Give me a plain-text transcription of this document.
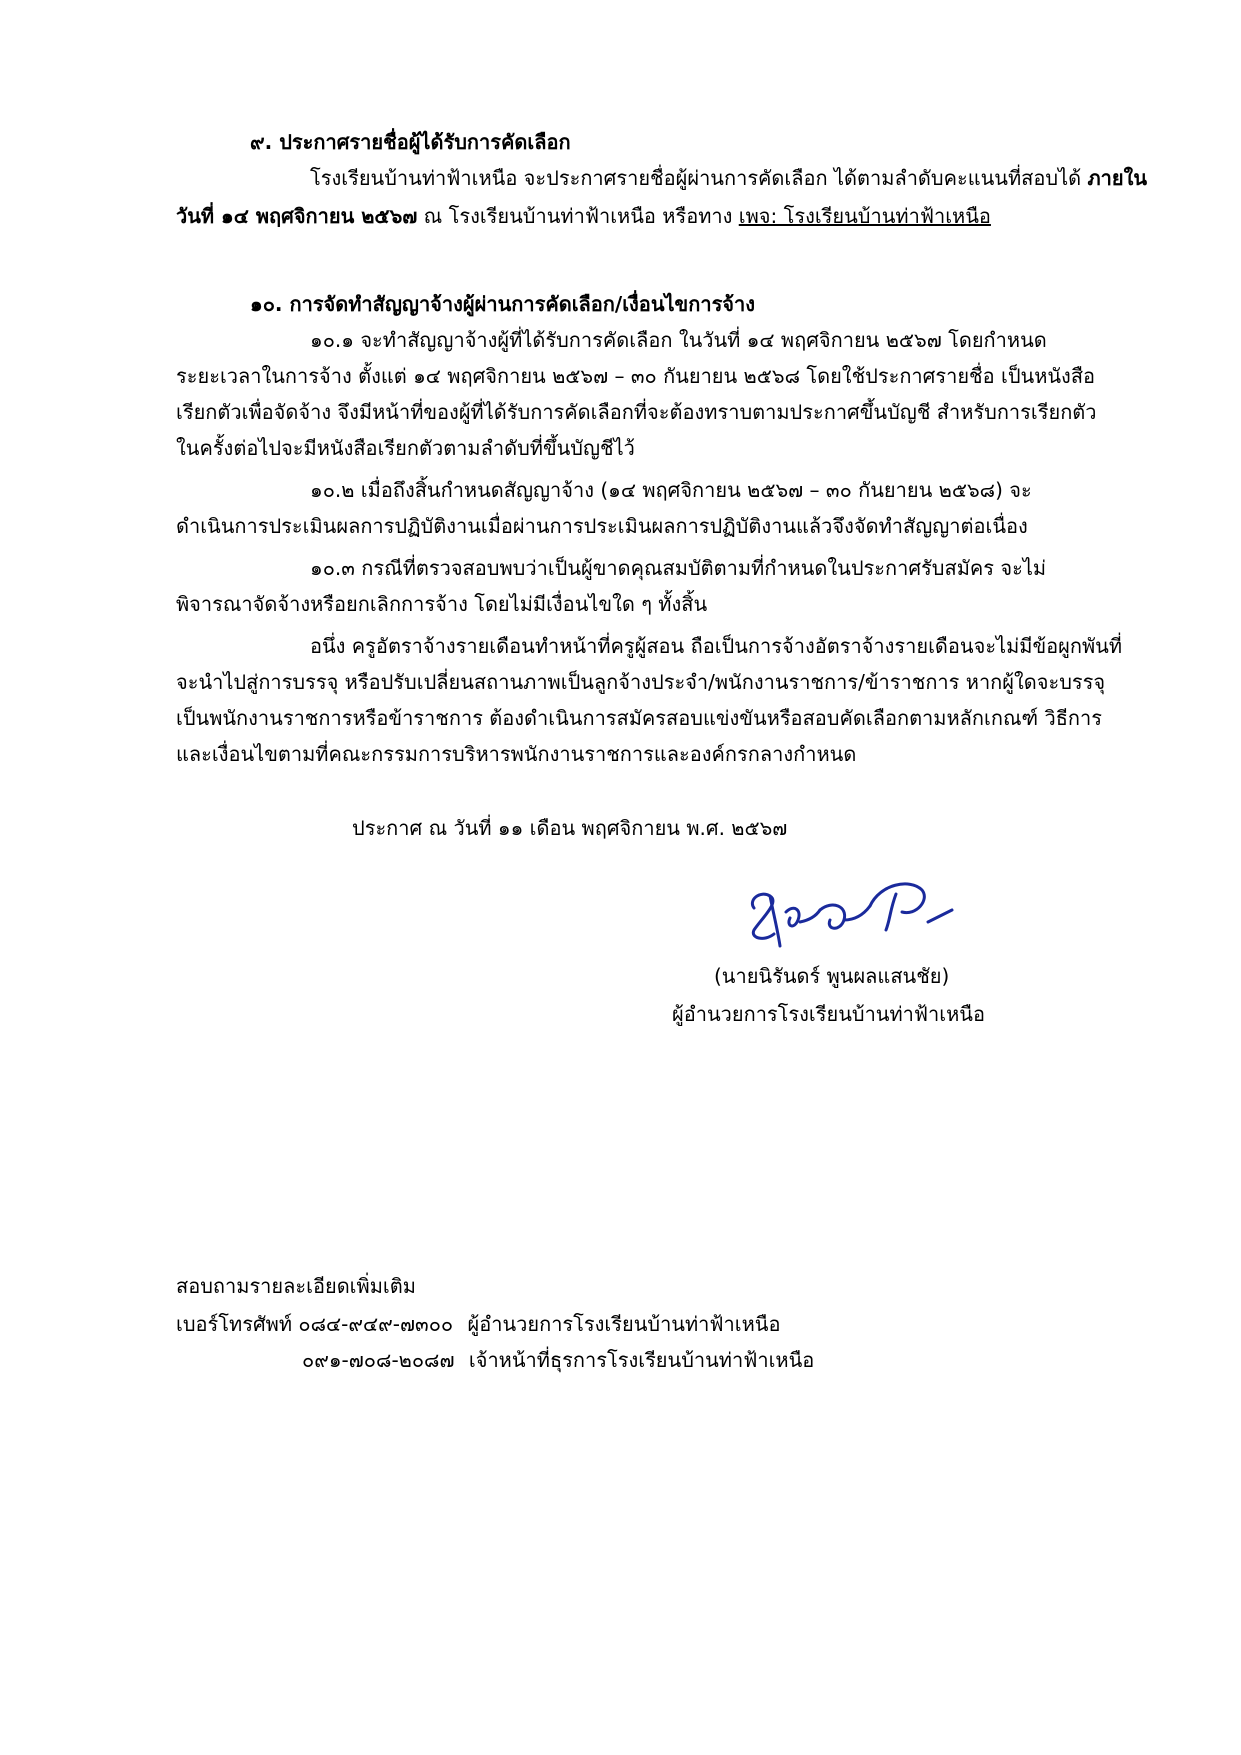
๙. ประกาศรายชื่อผู้ได้รับการคัดเลือก
โรงเรียนบ้านท่าฟ้าเหนือ จะประกาศรายชื่อผู้ผ่านการคัดเลือก ได้ตามลำดับคะแนนที่สอบได้ ภายใน
วันที่ ๑๔ พฤศจิกายน ๒๕๖๗ ณ โรงเรียนบ้านท่าฟ้าเหนือ หรือทาง เพจ: โรงเรียนบ้านท่าฟ้าเหนือ
๑๐. การจัดทำสัญญาจ้างผู้ผ่านการคัดเลือก/เงื่อนไขการจ้าง
๑๐.๑ จะทำสัญญาจ้างผู้ที่ได้รับการคัดเลือก ในวันที่ ๑๔ พฤศจิกายน ๒๕๖๗ โดยกำหนด
ระยะเวลาในการจ้าง ตั้งแต่ ๑๔ พฤศจิกายน ๒๕๖๗ – ๓๐ กันยายน ๒๕๖๘ โดยใช้ประกาศรายชื่อ เป็นหนังสือ
เรียกตัวเพื่อจัดจ้าง จึงมีหน้าที่ของผู้ที่ได้รับการคัดเลือกที่จะต้องทราบตามประกาศขึ้นบัญชี สำหรับการเรียกตัว
ในครั้งต่อไปจะมีหนังสือเรียกตัวตามลำดับที่ขึ้นบัญชีไว้
๑๐.๒ เมื่อถึงสิ้นกำหนดสัญญาจ้าง (๑๔ พฤศจิกายน ๒๕๖๗ – ๓๐ กันยายน ๒๕๖๘) จะ
ดำเนินการประเมินผลการปฏิบัติงานเมื่อผ่านการประเมินผลการปฏิบัติงานแล้วจึงจัดทำสัญญาต่อเนื่อง
๑๐.๓ กรณีที่ตรวจสอบพบว่าเป็นผู้ขาดคุณสมบัติตามที่กำหนดในประกาศรับสมัคร จะไม่
พิจารณาจัดจ้างหรือยกเลิกการจ้าง โดยไม่มีเงื่อนไขใด ๆ ทั้งสิ้น
อนึ่ง ครูอัตราจ้างรายเดือนทำหน้าที่ครูผู้สอน ถือเป็นการจ้างอัตราจ้างรายเดือนจะไม่มีข้อผูกพันที่
จะนำไปสู่การบรรจุ หรือปรับเปลี่ยนสถานภาพเป็นลูกจ้างประจำ/พนักงานราชการ/ข้าราชการ หากผู้ใดจะบรรจุ
เป็นพนักงานราชการหรือข้าราชการ ต้องดำเนินการสมัครสอบแข่งขันหรือสอบคัดเลือกตามหลักเกณฑ์ วิธีการ
และเงื่อนไขตามที่คณะกรรมการบริหารพนักงานราชการและองค์กรกลางกำหนด
ประกาศ ณ วันที่ ๑๑ เดือน พฤศจิกายน พ.ศ. ๒๕๖๗
(นายนิรันดร์ พูนผลแสนชัย)
ผู้อำนวยการโรงเรียนบ้านท่าฟ้าเหนือ
สอบถามรายละเอียดเพิ่มเติม
เบอร์โทรศัพท์ ๐๘๔-๙๔๙-๗๓๐๐ ผู้อำนวยการโรงเรียนบ้านท่าฟ้าเหนือ
๐๙๑-๗๐๘-๒๐๘๗ เจ้าหน้าที่ธุรการโรงเรียนบ้านท่าฟ้าเหนือ
